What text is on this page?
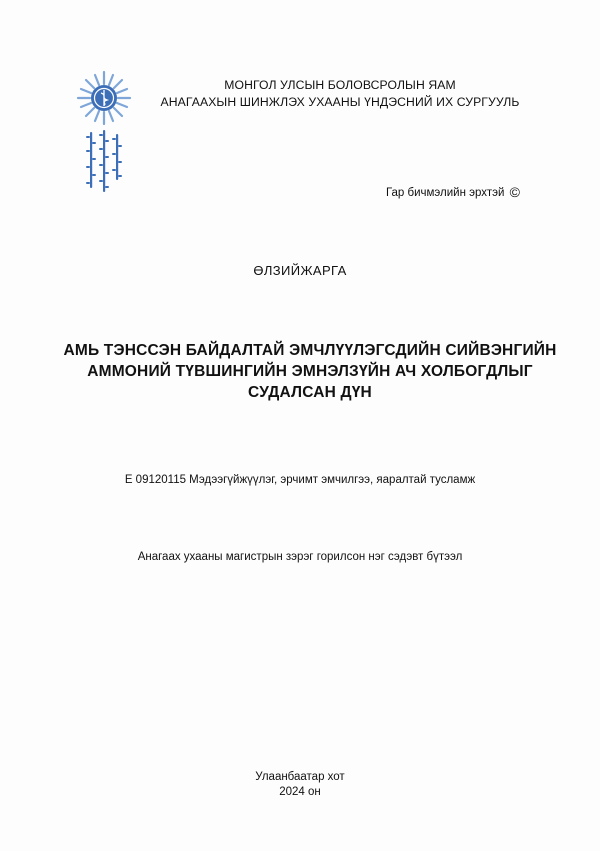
МОНГОЛ УЛСЫН БОЛОВСРОЛЫН ЯАМ
АНАГААХЫН ШИНЖЛЭХ УХААНЫ ҮНДЭСНИЙ ИХ СУРГУУЛЬ
Гар бичмэлийн эрхтэй ©
ӨЛЗИЙЖАРГА
АМЬ ТЭНССЭН БАЙДАЛТАЙ ЭМЧЛҮҮЛЭГСДИЙН СИЙВЭНГИЙН
АММОНИЙ ТҮВШИНГИЙН ЭМНЭЛЗҮЙН АЧ ХОЛБОГДЛЫГ
СУДАЛСАН ДҮН
Е 09120115 Мэдээгүйжүүлэг, эрчимт эмчилгээ, яаралтай тусламж
Анагаах ухааны магистрын зэрэг горилсон нэг сэдэвт бүтээл
Улаанбаатар хот
2024 он
